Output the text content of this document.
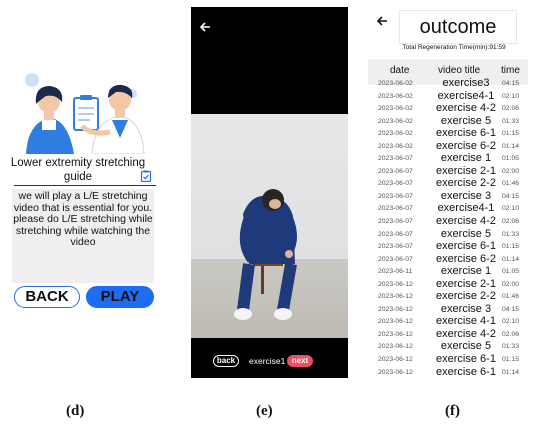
Lower extremity stretching guide
we will play a L/E stretching video that is essential for you. please do L/E stretching while stretching while watching the video
BACK	PLAY
back	exercise1 next
outcome
Total Regeneration Time(min):91:59
date	video title time
2023-06-02	exercise3	04:15
2023-06-02	exercise4-1	02:10
2023-06-02	exercise 4-2 02:06
2023-06-02	exercise 5	01:33
2023-06-02	exercise 6-1 01:15
2023-06-02	exercise 6-2 01:14
2023-06-07	exercise 1	01:05
2023-06-07	exercise 2-1 02:00
2023-06-07	exercise 2-2 01:46
2023-06-07	exercise 3	04:15
2023-06-07	exercise4-1	02:10
2023-06-07	exercise 4-2 02:06
2023-06-07	exercise 5	01:33
2023-06-07	exercise 6-1 01:15
2023-06-07	exercise 6-2 01:14
2023-06-11	exercise 1	01:05
2023-06-12	exercise 2-1 02:00
2023-06-12	exercise 2-2 01:46
2023-06-12	exercise 3	04:15
2023-06-12	exercise 4-1 02:10
2023-06-12	exercise 4-2 02:06
2023-06-12	exercise 5	01:33
2023-06-12	exercise 6-1 01:15
2023-06-12	exercise 6-1 01:14
(d)	(e)	(f)
